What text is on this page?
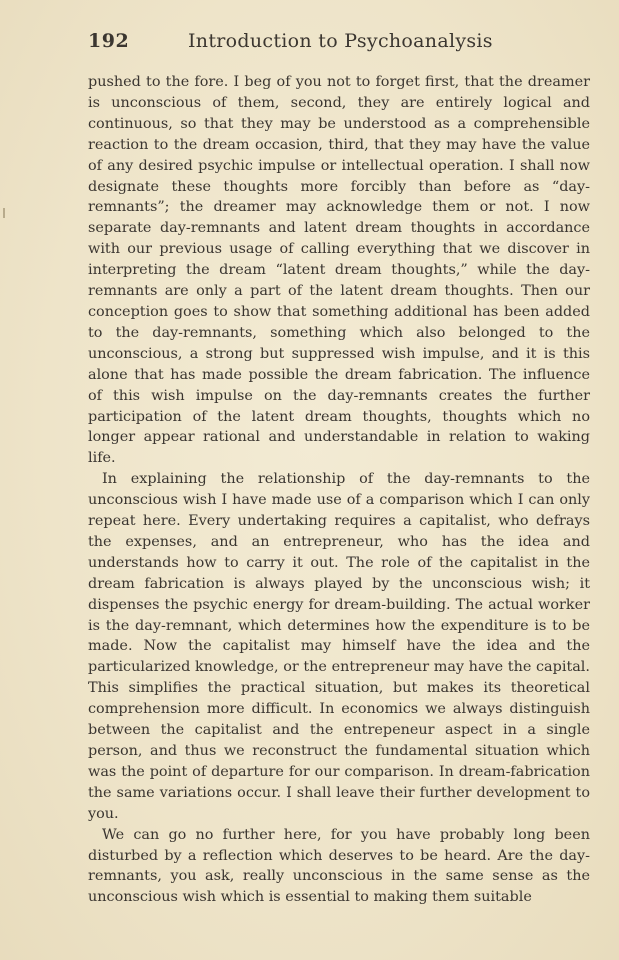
192	Introduction to Psychoanalysis

pushed to the fore. I beg of you not to forget first, that the dreamer is unconscious of them, second, they are entirely logical and continuous, so that they may be understood as a comprehensible reaction to the dream occasion, third, that they may have the value of any desired psychic impulse or intellectual operation. I shall now designate these thoughts more forcibly than before as “day-remnants”; the dreamer may acknowledge them or not. I now separate day-remnants and latent dream thoughts in accordance with our previous usage of calling everything that we discover in interpreting the dream “latent dream thoughts,” while the day-remnants are only a part of the latent dream thoughts. Then our conception goes to show that something additional has been added to the day-remnants, something which also belonged to the unconscious, a strong but suppressed wish impulse, and it is this alone that has made possible the dream fabrication. The influence of this wish impulse on the day-remnants creates the further participation of the latent dream thoughts, thoughts which no longer appear rational and understandable in relation to waking life.

In explaining the relationship of the day-remnants to the unconscious wish I have made use of a comparison which I can only repeat here. Every undertaking requires a capitalist, who defrays the expenses, and an entrepreneur, who has the idea and understands how to carry it out. The role of the capitalist in the dream fabrication is always played by the unconscious wish; it dispenses the psychic energy for dream-building. The actual worker is the day-remnant, which determines how the expenditure is to be made. Now the capitalist may himself have the idea and the particularized knowledge, or the entrepreneur may have the capital. This simplifies the practical situation, but makes its theoretical comprehension more difficult. In economics we always distinguish between the capitalist and the entrepeneur aspect in a single person, and thus we reconstruct the fundamental situation which was the point of departure for our comparison. In dream-fabrication the same variations occur. I shall leave their further development to you.

We can go no further here, for you have probably long been disturbed by a reflection which deserves to be heard. Are the day-remnants, you ask, really unconscious in the same sense as the unconscious wish which is essential to making them suitable
